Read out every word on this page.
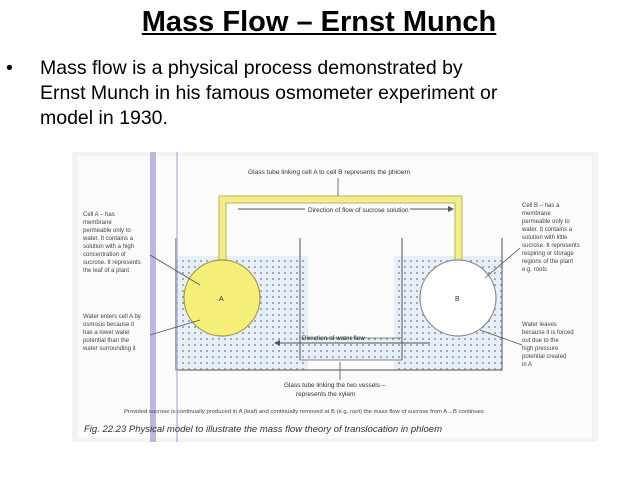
Mass Flow – Ernst Munch
• Mass flow is a physical process demonstrated by
Ernst Munch in his famous osmometer experiment or
model in 1930.
Glass tube linking cell A to cell B represents the phloem
Direction of flow of sucrose solution
Direction of water flow
A	B
Cell A – has
membrane
permeable only to
water. It contains a
solution with a high
concentration of
sucrose. It represents
the leaf of a plant
Water enters cell A by
osmosis because it
has a lower water
potential than the
water surrounding it
Cell B – has a
membrane
permeable only to
water. It contains a
solution with little
sucrose. It represents
respiring or storage
regions of the plant
e.g. roots
Water leaves
because it is forced
out due to the
high pressure
potential created
in A
Glass tube linking the two vessels –
represents the xylem
Provided sucrose is continually produced in A (leaf) and continually removed at B (e.g. root) the mass flow of sucrose from A→B continues
Fig. 22.23 Physical model to illustrate the mass flow theory of translocation in phloem
